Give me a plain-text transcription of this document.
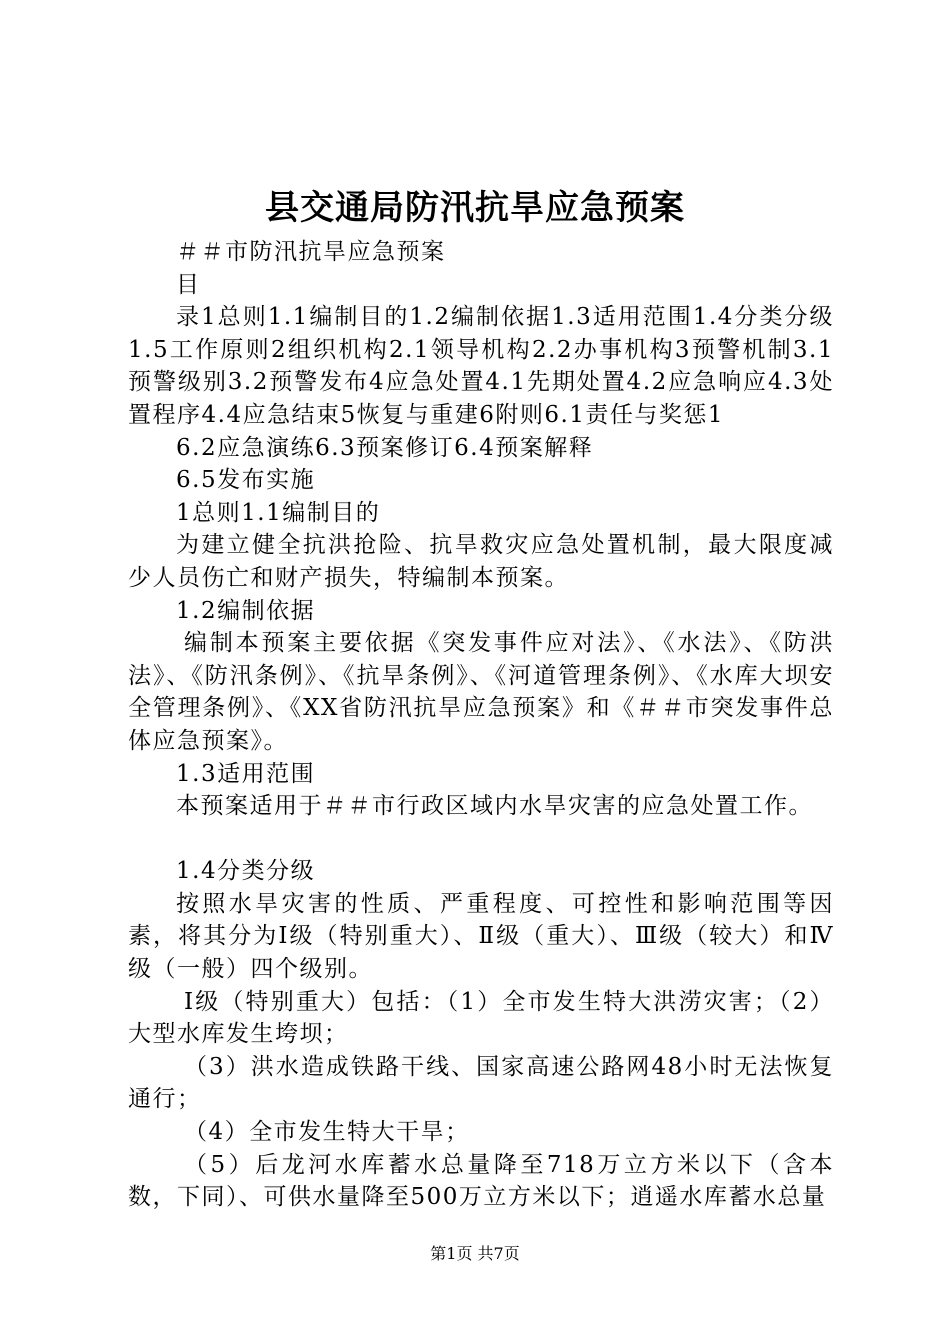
县交通局防汛抗旱应急预案

＃＃市防汛抗旱应急预案

目

录1总则1.1编制目的1.2编制依据1.3适用范围1.4分类分级1.5工作原则2组织机构2.1领导机构2.2办事机构3预警机制3.1预警级别3.2预警发布4应急处置4.1先期处置4.2应急响应4.3处置程序4.4应急结束5恢复与重建6附则6.1责任与奖惩1

6.2应急演练6.3预案修订6.4预案解释

6.5发布实施

1总则1.1编制目的

为建立健全抗洪抢险、抗旱救灾应急处置机制，最大限度减少人员伤亡和财产损失，特编制本预案。

1.2编制依据

编制本预案主要依据《突发事件应对法》、《水法》、《防洪法》、《防汛条例》、《抗旱条例》、《河道管理条例》、《水库大坝安全管理条例》、《XX省防汛抗旱应急预案》和《＃＃市突发事件总体应急预案》。

1.3适用范围

本预案适用于＃＃市行政区域内水旱灾害的应急处置工作。

1.4分类分级

按照水旱灾害的性质、严重程度、可控性和影响范围等因素，将其分为Ⅰ级（特别重大）、Ⅱ级（重大）、Ⅲ级（较大）和Ⅳ级（一般）四个级别。

Ⅰ级（特别重大）包括：（1）全市发生特大洪涝灾害；（2）大型水库发生垮坝；

（3）洪水造成铁路干线、国家高速公路网48小时无法恢复通行；

（4）全市发生特大干旱；

（5）后龙河水库蓄水总量降至718万立方米以下（含本数，下同）、可供水量降至500万立方米以下；逍遥水库蓄水总量

第1页 共7页
